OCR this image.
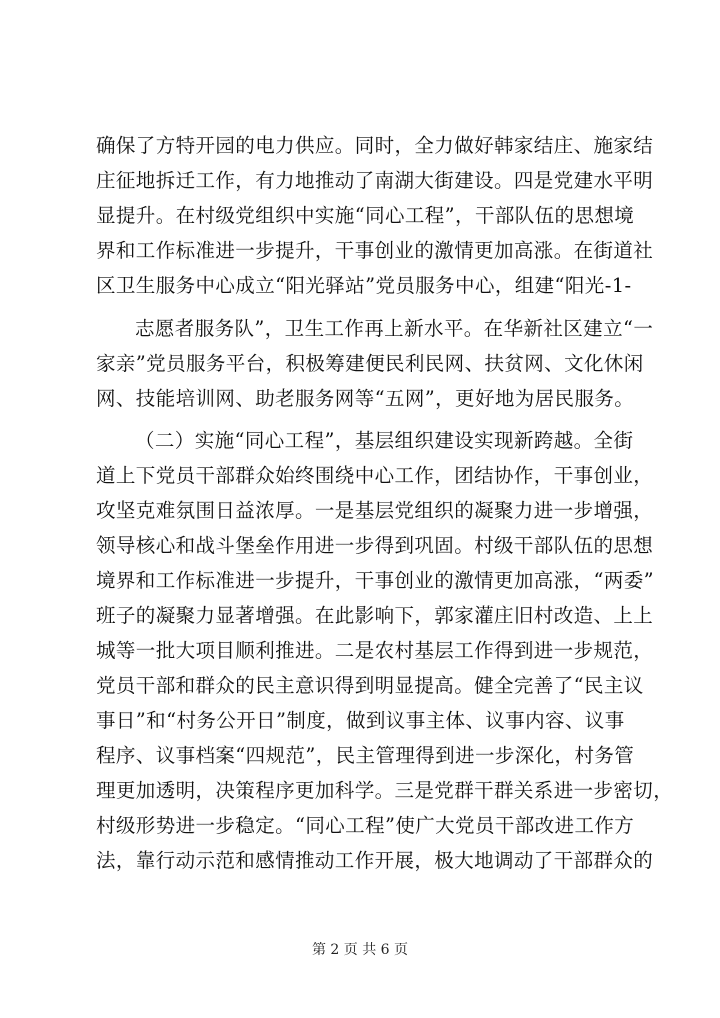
确保了方特开园的电力供应。同时，全力做好韩家结庄、施家结
庄征地拆迁工作，有力地推动了南湖大街建设。四是党建水平明
显提升。在村级党组织中实施“同心工程”，干部队伍的思想境
界和工作标准进一步提升，干事创业的激情更加高涨。在街道社
区卫生服务中心成立“阳光驿站”党员服务中心，组建“阳光-1-
志愿者服务队”，卫生工作再上新水平。在华新社区建立“一
家亲”党员服务平台，积极筹建便民利民网、扶贫网、文化休闲
网、技能培训网、助老服务网等“五网”，更好地为居民服务。
（二）实施“同心工程”，基层组织建设实现新跨越。全街
道上下党员干部群众始终围绕中心工作，团结协作，干事创业，
攻坚克难氛围日益浓厚。一是基层党组织的凝聚力进一步增强，
领导核心和战斗堡垒作用进一步得到巩固。村级干部队伍的思想
境界和工作标准进一步提升，干事创业的激情更加高涨，“两委”
班子的凝聚力显著增强。在此影响下，郭家灌庄旧村改造、上上
城等一批大项目顺利推进。二是农村基层工作得到进一步规范，
党员干部和群众的民主意识得到明显提高。健全完善了“民主议
事日”和“村务公开日”制度，做到议事主体、议事内容、议事
程序、议事档案“四规范”，民主管理得到进一步深化，村务管
理更加透明，决策程序更加科学。三是党群干群关系进一步密切，
村级形势进一步稳定。“同心工程”使广大党员干部改进工作方
法，靠行动示范和感情推动工作开展，极大地调动了干部群众的
第 2 页 共 6 页
